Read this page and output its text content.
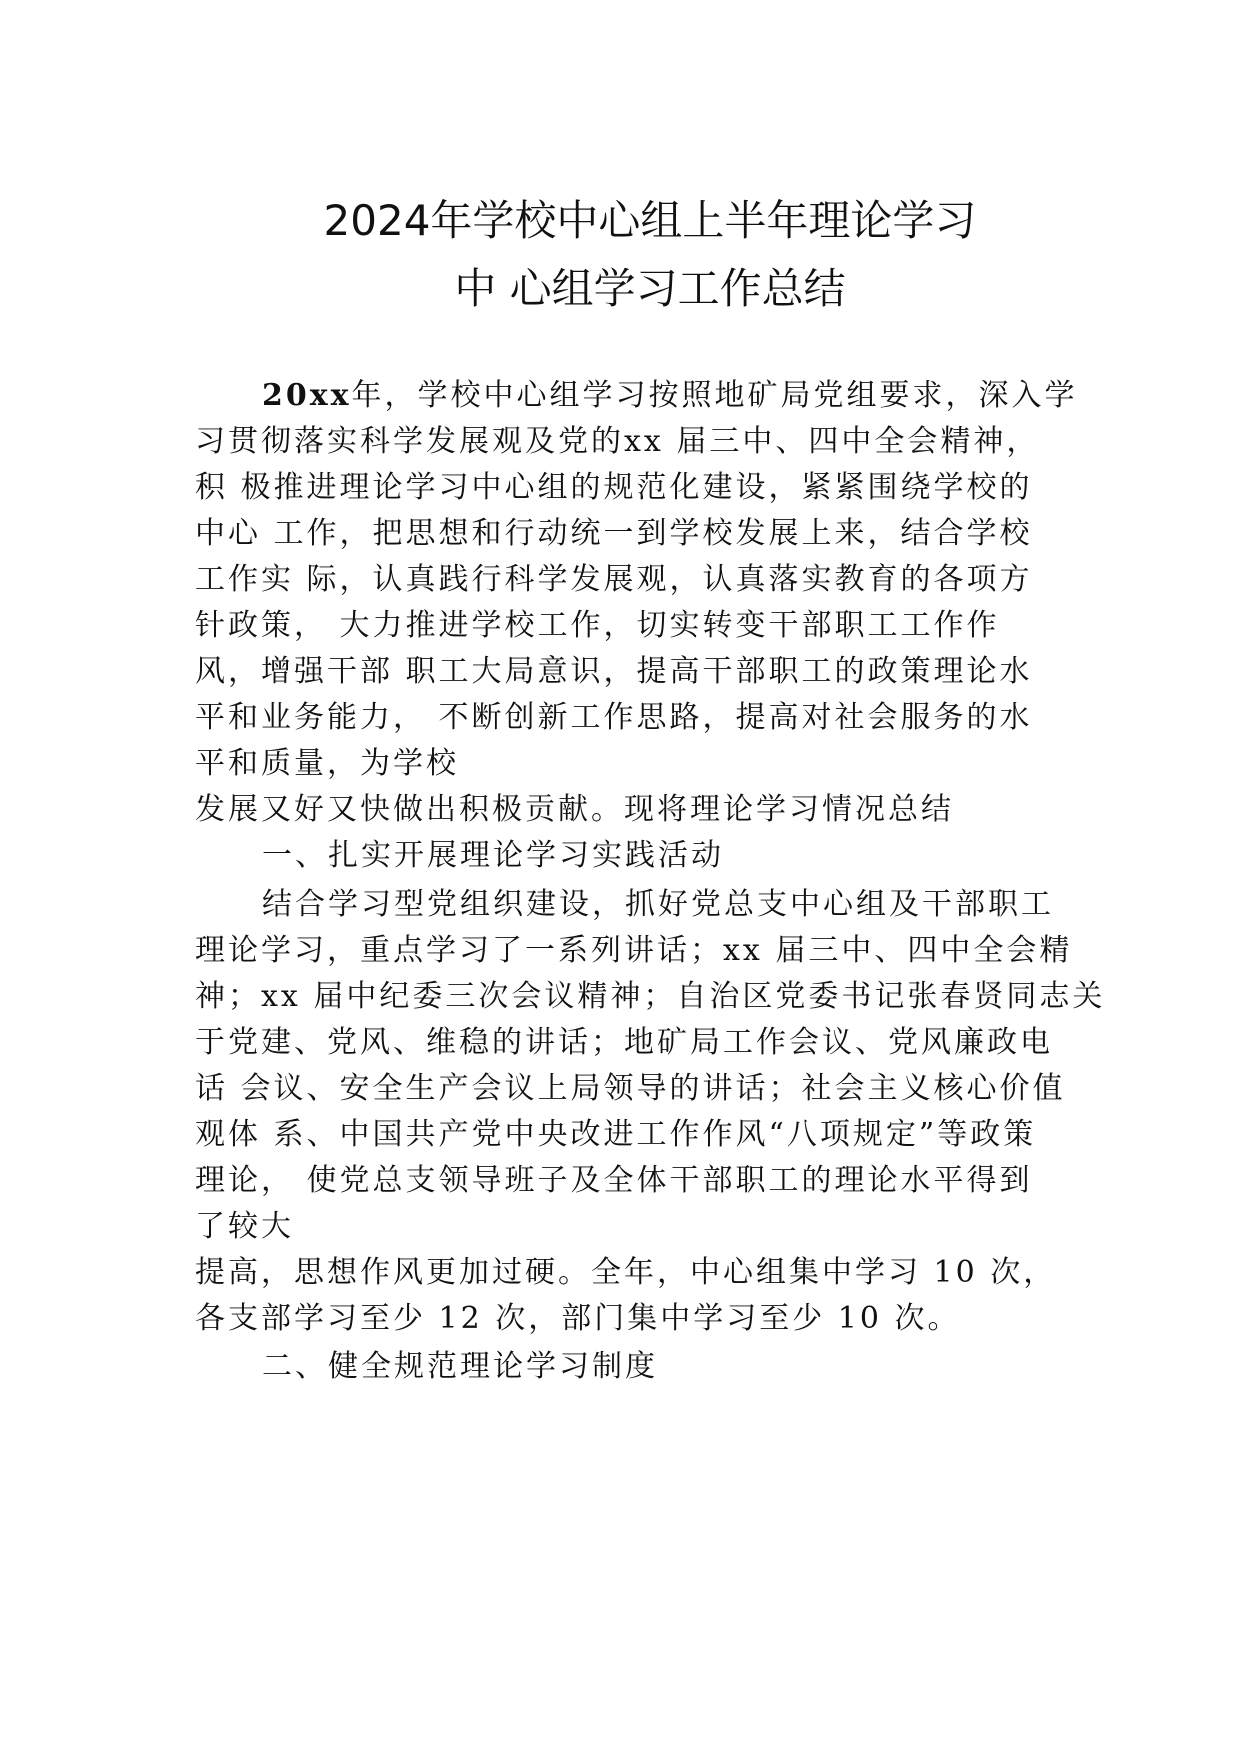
2024年学校中心组上半年理论学习
中 心组学习工作总结
20xx年，学校中心组学习按照地矿局党组要求，深入学
习贯彻落实科学发展观及党的xx 届三中、四中全会精神，
积 极推进理论学习中心组的规范化建设，紧紧围绕学校的
中心 工作，把思想和行动统一到学校发展上来，结合学校
工作实 际，认真践行科学发展观，认真落实教育的各项方
针政策， 大力推进学校工作，切实转变干部职工工作作
风，增强干部 职工大局意识，提高干部职工的政策理论水
平和业务能力， 不断创新工作思路，提高对社会服务的水
平和质量，为学校
发展又好又快做出积极贡献。现将理论学习情况总结
一、扎实开展理论学习实践活动
结合学习型党组织建设，抓好党总支中心组及干部职工
理论学习，重点学习了一系列讲话；xx 届三中、四中全会精
神；xx 届中纪委三次会议精神；自治区党委书记张春贤同志关
于党建、党风、维稳的讲话；地矿局工作会议、党风廉政电
话 会议、安全生产会议上局领导的讲话；社会主义核心价值
观体 系、中国共产党中央改进工作作风“八项规定”等政策
理论， 使党总支领导班子及全体干部职工的理论水平得到
了较大
提高，思想作风更加过硬。全年，中心组集中学习 10 次，
各支部学习至少 12 次，部门集中学习至少 10 次。
二、健全规范理论学习制度
